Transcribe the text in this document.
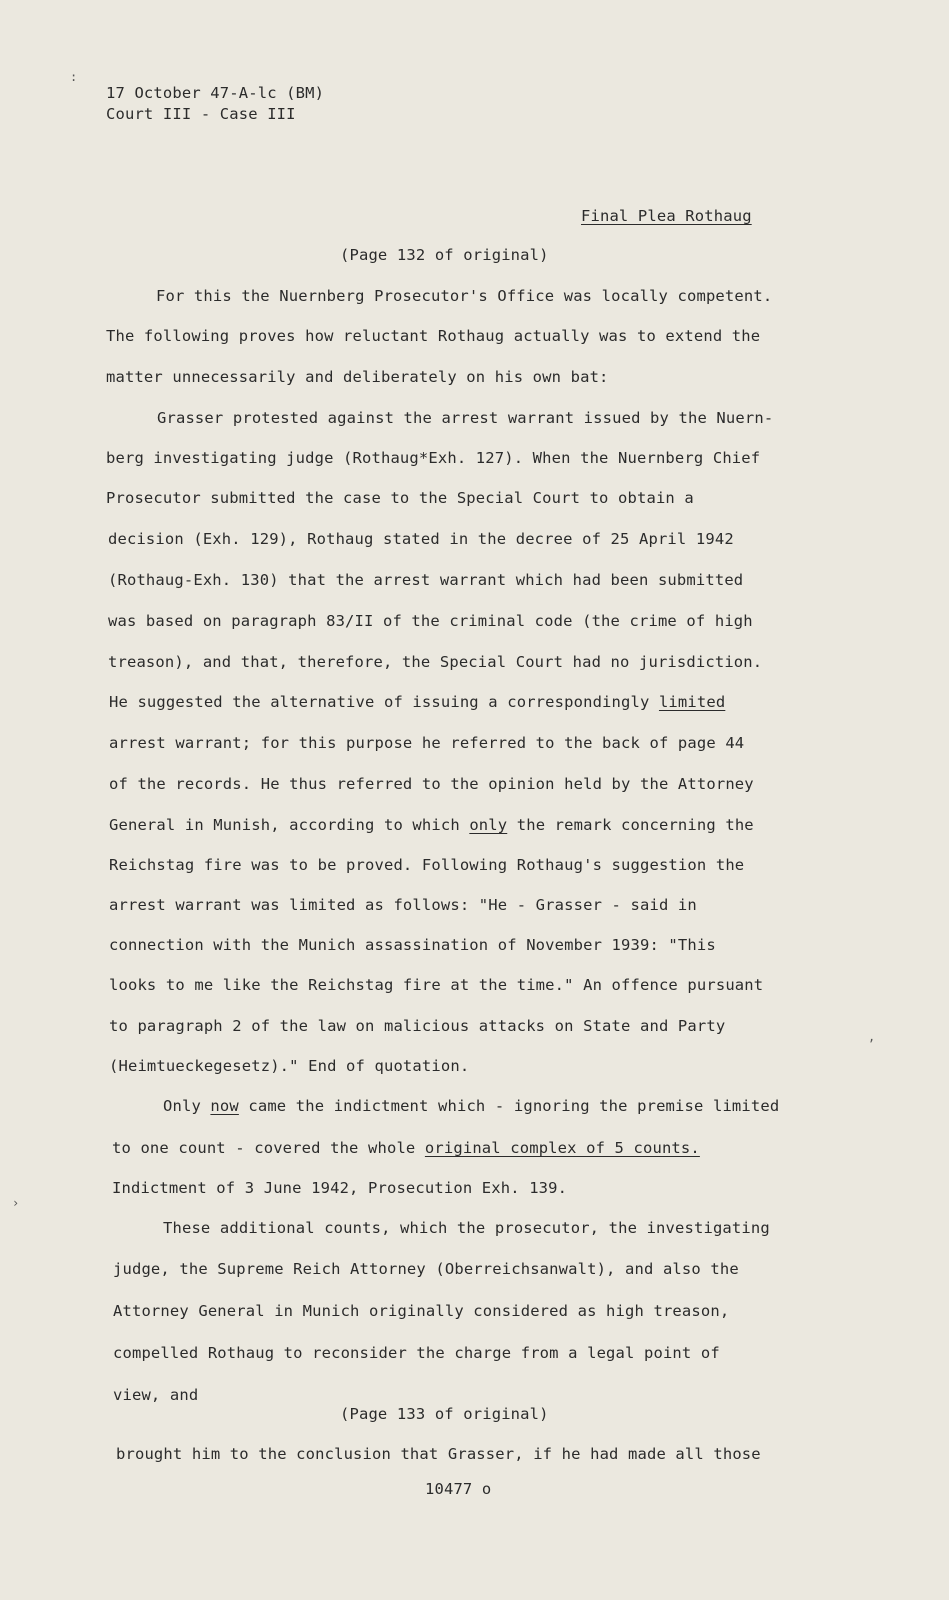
17 October 47-A-lc (BM)
Court III - Case III
Final Plea Rothaug
(Page 132 of original)
For this the Nuernberg Prosecutor's Office was locally competent.
The following proves how reluctant Rothaug actually was to extend the
matter unnecessarily and deliberately on his own bat:
Grasser protested against the arrest warrant issued by the Nuern-
berg investigating judge (Rothaug*Exh. 127). When the Nuernberg Chief
Prosecutor submitted the case to the Special Court to obtain a
decision (Exh. 129), Rothaug stated in the decree of 25 April 1942
(Rothaug-Exh. 130) that the arrest warrant which had been submitted
was based on paragraph 83/II of the criminal code (the crime of high
treason), and that, therefore, the Special Court had no jurisdiction.
He suggested the alternative of issuing a correspondingly limited
arrest warrant; for this purpose he referred to the back of page 44
of the records. He thus referred to the opinion held by the Attorney
General in Munish, according to which only the remark concerning the
Reichstag fire was to be proved. Following Rothaug's suggestion the
arrest warrant was limited as follows: "He - Grasser - said in
connection with the Munich assassination of November 1939: "This
looks to me like the Reichstag fire at the time." An offence pursuant
to paragraph 2 of the law on malicious attacks on State and Party
(Heimtueckegesetz)." End of quotation.
Only now came the indictment which - ignoring the premise limited
to one count - covered the whole original complex of 5 counts.
Indictment of 3 June 1942, Prosecution Exh. 139.
These additional counts, which the prosecutor, the investigating
judge, the Supreme Reich Attorney (Oberreichsanwalt), and also the
Attorney General in Munich originally considered as high treason,
compelled Rothaug to reconsider the charge from a legal point of
view, and
(Page 133 of original)
brought him to the conclusion that Grasser, if he had made all those
10477 o
:
›
,
